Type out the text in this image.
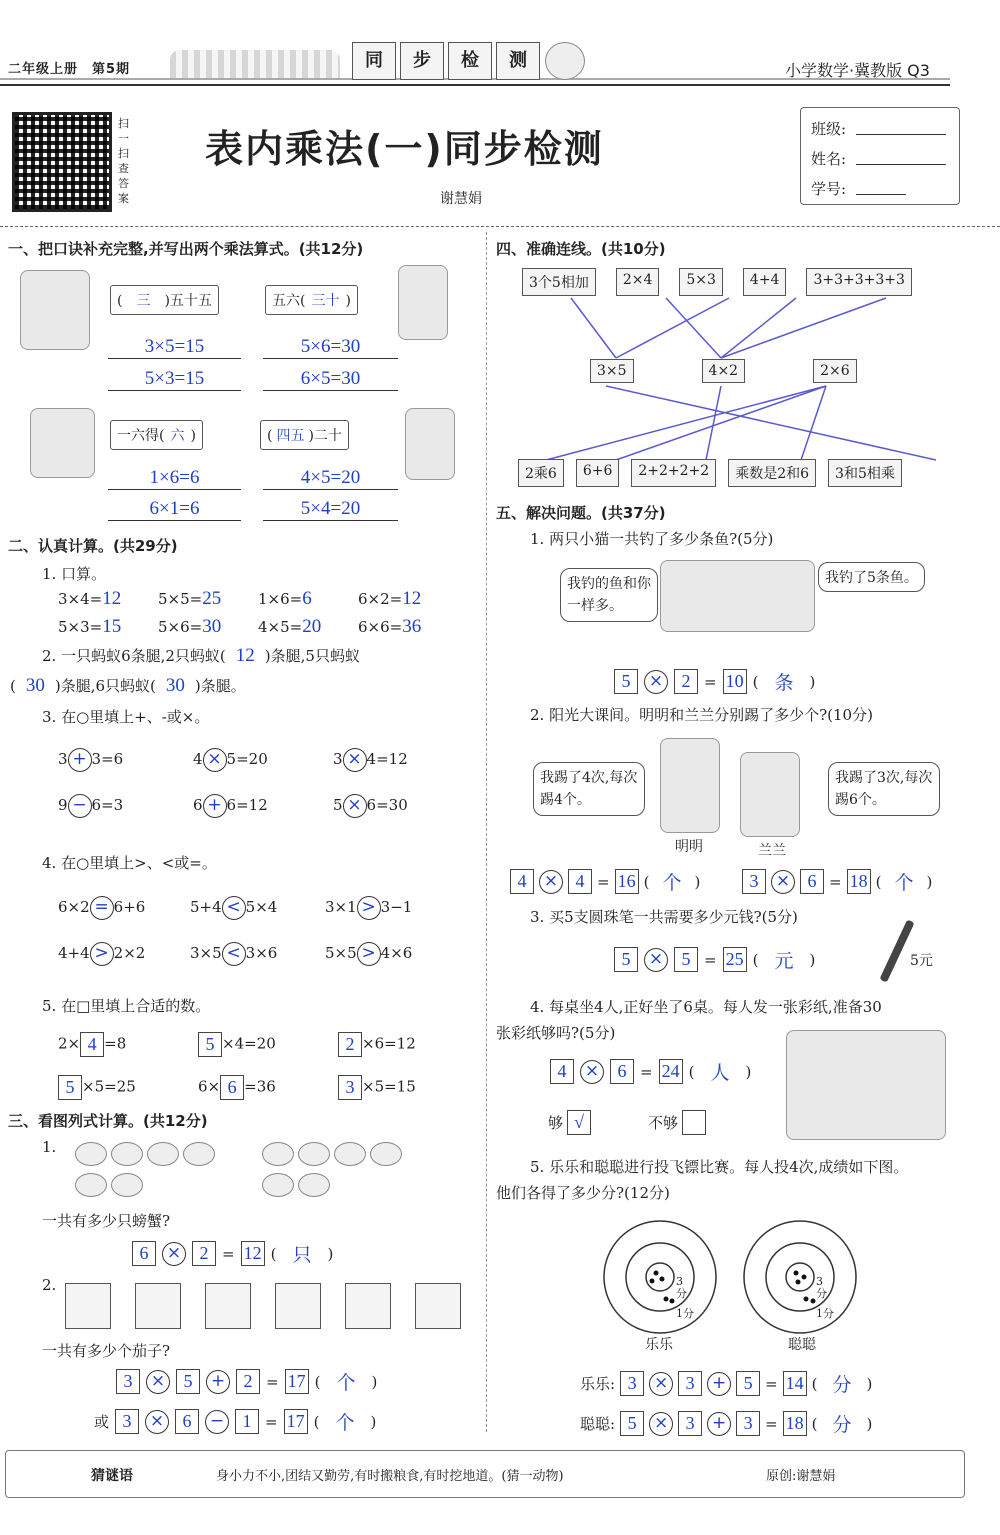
二年级上册　第5期	同	步	检	测	小学数学·冀教版 Q3
扫一扫 查答案
表内乘法(一)同步检测
谢慧娟
班级:
姓名:
学号:
一、把口诀补充完整,并写出两个乘法算式。(共12分)
( 三 )五十五
3×5=15
5×3=15
五六( 三十 )
5×6=30
6×5=30
一六得( 六 )
1×6=6
6×1=6
( 四五 )二十
4×5=20
5×4=20
二、认真计算。(共29分)
1. 口算。
3×4=12	5×5=25	1×6=6	6×2=12
5×3=15	5×6=30	4×5=20	6×6=36
2. 一只蚂蚁6条腿,2只蚂蚁( 12 )条腿,5只蚂蚁
( 30 )条腿,6只蚂蚁( 30 )条腿。
3. 在○里填上+、-或×。
3 + 3=6	4 × 5=20	3 × 4=12
9 − 6=3	6 + 6=12	5 × 6=30
4. 在○里填上>、<或=。
6×2 = 6+6	5+4 < 5×4	3×1 > 3−1
4+4 > 2×2	3×5 < 3×6	5×5 > 4×6
5. 在□里填上合适的数。
2× 4 =8	5 ×4=20	2 ×6=12
5 ×5=25	6× 6 =36	3 ×5=15
三、看图列式计算。(共12分)
1.
一共有多少只螃蟹?
6	×	2 = 12 ( 只	)
2.
一共有多少个茄子?
3	×	5	+	2 = 17 ( 个	)
或 3	×	6	−	1 = 17 ( 个	)
四、准确连线。(共10分)
3个5相加	2×4	5×3	4+4	3+3+3+3+3
3×5	4×2	2×6
2乘6	6+6	2+2+2+2	乘数是2和6	3和5相乘
五、解决问题。(共37分)
1. 两只小猫一共钓了多少条鱼?(5分)
我钓的鱼和你一样多。
我钓了5条鱼。
5	×	2 = 10 ( 条	)
2. 阳光大课间。明明和兰兰分别踢了多少个?(10分)
我踢了4次,每次踢4个。
明明	兰兰
我踢了3次,每次踢6个。
4	× 4 = 16 ( 个 )	3	× 6 = 18 ( 个 )
3. 买5支圆珠笔一共需要多少元钱?(5分)
5	×	5 = 25 ( 元	)	5元
4. 每桌坐4人,正好坐了6桌。每人发一张彩纸,准备30
张彩纸够吗?(5分)
4	×	6 = 24 ( 人	)
够 √	不够
5. 乐乐和聪聪进行投飞镖比赛。每人投4次,成绩如下图。
他们各得了多少分?(12分)
3分
1分
3分
1分
乐乐	聪聪
乐乐: 3	× 3	+ 5 = 14 ( 分	)
聪聪: 5	× 3	+ 3 = 18 ( 分	)
猜谜语	身小力不小,团结又勤劳,有时搬粮食,有时挖地道。(猜一动物)	原创:谢慧娟
